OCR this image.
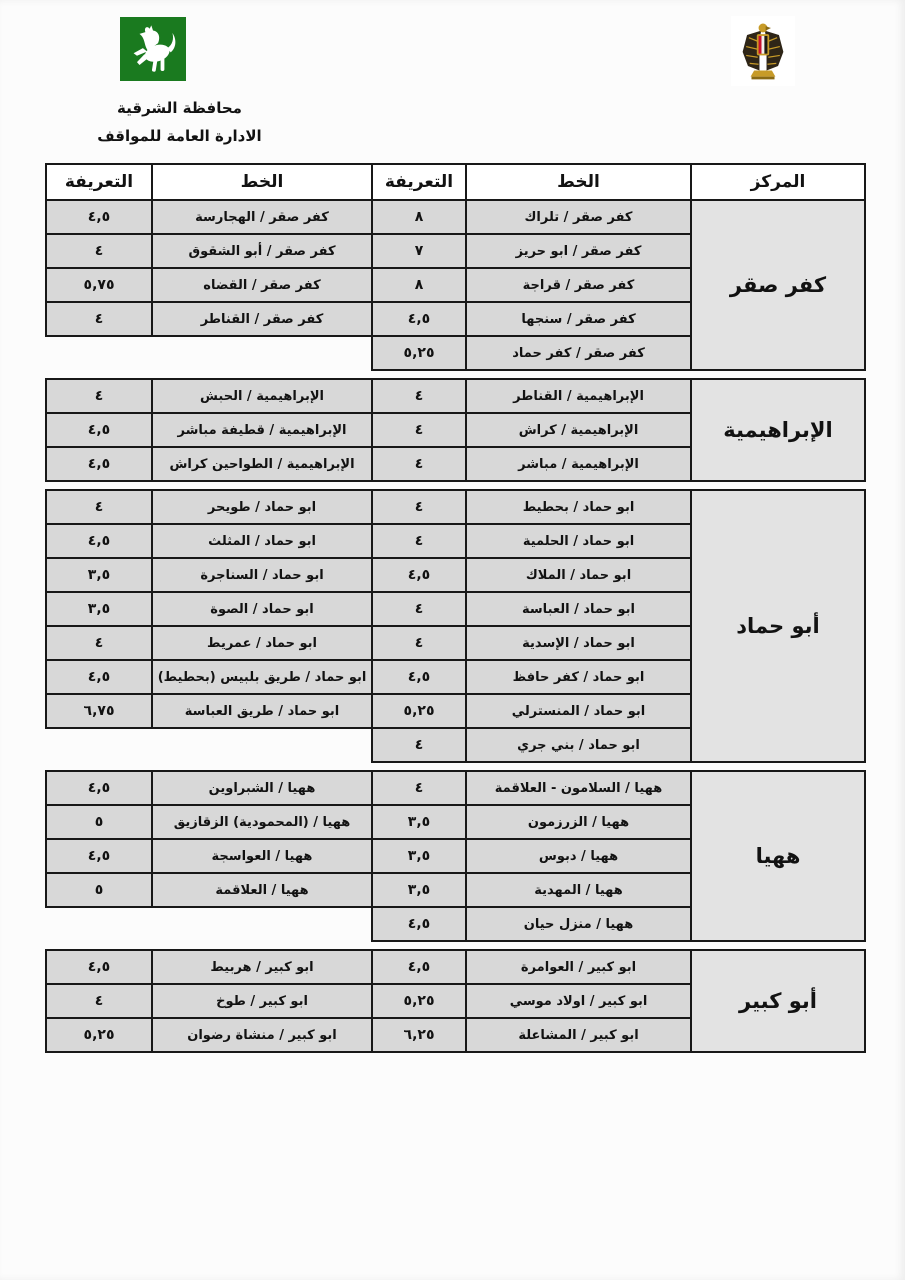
محافظة الشرقية
الادارة العامة للمواقف
المركز
الخط
التعريفة
الخط
التعريفة
كفر صقر
كفر صقر / تلراك
٨
كفر صقر / الهجارسة
٤,٥
كفر صقر / ابو حريز
٧
كفر صقر / أبو الشقوق
٤
كفر صقر / قراجة
٨
كفر صقر / القضاه
٥,٧٥
كفر صقر / سنجها
٤,٥
كفر صقر / القناطر
٤
كفر صقر / كفر حماد
٥,٢٥
الإبراهيمية
الإبراهيمية / القناطر
٤
الإبراهيمية / الحبش
٤
الإبراهيمية / كراش
٤
الإبراهيمية / قطيفة مباشر
٤,٥
الإبراهيمية / مباشر
٤
الإبراهيمية / الطواحين كراش
٤,٥
أبو حماد
ابو حماد / بحطيط
٤
ابو حماد / طويحر
٤
ابو حماد / الحلمية
٤
ابو حماد / المثلث
٤,٥
ابو حماد / الملاك
٤,٥
ابو حماد / السناجرة
٣,٥
ابو حماد / العباسة
٤
ابو حماد / الصوة
٣,٥
ابو حماد / الإسدية
٤
ابو حماد / عمريط
٤
ابو حماد / كفر حافظ
٤,٥
ابو حماد / طريق بلبيس (بحطيط)
٤,٥
ابو حماد / المنسترلي
٥,٢٥
ابو حماد / طريق العباسة
٦,٧٥
ابو حماد / بني جري
٤
ههيا
ههيا / السلامون - العلاقمة
٤
ههيا / الشبراوين
٤,٥
ههيا / الزرزمون
٣,٥
ههيا / (المحمودية) الزقازيق
٥
ههيا / دبوس
٣,٥
ههيا / العواسجة
٤,٥
ههيا / المهدية
٣,٥
ههيا / العلاقمة
٥
ههيا / منزل حيان
٤,٥
أبو كبير
ابو كبير / العوامرة
٤,٥
ابو كبير / هربيط
٤,٥
ابو كبير / اولاد موسي
٥,٢٥
ابو كبير / طوخ
٤
ابو كبير / المشاعلة
٦,٢٥
ابو كبير / منشاة رضوان
٥,٢٥
